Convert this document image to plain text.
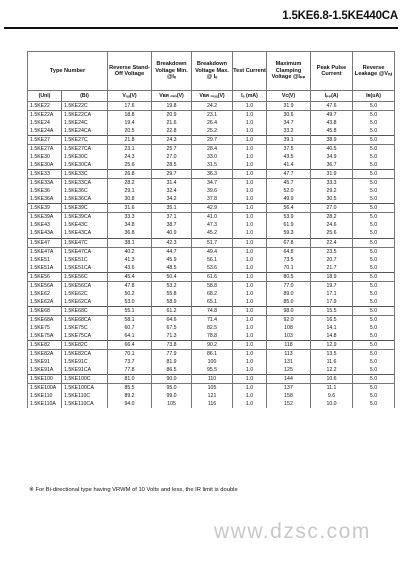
1.5KE6.8-1.5KE440CA
Type Number		Reverse Stand-Off Voltage	Breakdown Voltage Min. @Iₑ	Breakdown Voltage Max. @ Iₑ	Test Current	Maximum Clamping Voltage @Iₚₚ	Peak Pulse Current	Reverse Leakage @Vᵣᵤᵢ
(Uni)	(Bi)	Vᵣᵤᵢ(V)	Vʙʀ ₘᵢₙ(V)	Vʙʀ ₘₐₓ(V)	Iₑ (mA)	Vᴄ(V)	Iₚₚ(A)	Iʀ(uA)
1.5KE22	1.5KE22C	17.6	19.8	24.2	1.0	31.9	47.6	5.0
1.5KE22A	1.5KE22CA	18.8	20.9	23.1	1.0	30.6	49.7	5.0
1.5KE24	1.5KE24C	19.4	21.6	26.4	1.0	34.7	43.8	5.0
1.5KE24A	1.5KE24CA	20.5	22.8	25.2	1.0	33.2	45.8	5.0
1.5KE27	1.5KE27C	21.8	24.3	29.7	1.0	39.1	38.9	5.0
1.5KE27A	1.5KE27CA	23.1	25.7	28.4	1.0	37.5	40.5	5.0
1.5KE30	1.5KE30C	24.3	27.0	33.0	1.0	43.5	34.9	5.0
1.5KE30A	1.5KE30CA	25.6	28.5	31.5	1.0	41.4	36.7	5.0
1.5KE33	1.5KE33C	26.8	29.7	36.3	1.0	47.7	31.9	5.0
1.5KE33A	1.5KE33CA	28.2	31.4	34.7	1.0	45.7	33.3	5.0
1.5KE36	1.5KE36C	29.1	32.4	39.6	1.0	52.0	29.2	5.0
1.5KE36A	1.5KE36CA	30.8	34.2	37.8	1.0	49.9	30.5	5.0
1.5KE39	1.5KE39C	31.6	35.1	42.9	1.0	56.4	27.0	5.0
1.5KE39A	1.5KE39CA	33.3	37.1	41.0	1.0	53.9	28.2	5.0
1.5KE43	1.5KE43C	34.8	38.7	47.3	1.0	61.9	24.6	5.0
1.5KE43A	1.5KE43CA	36.8	40.9	45.2	1.0	59.3	25.6	5.0
1.5KE47	1.5KE47C	38.1	42.3	51.7	1.0	67.8	22.4	5.0
1.5KE47A	1.5KE47CA	40.2	44.7	49.4	1.0	64.8	23.5	5.0
1.5KE51	1.5KE51C	41.3	45.9	56.1	1.0	73.5	20.7	5.0
1.5KE51A	1.5KE51CA	43.6	48.5	53.6	1.0	70.1	21.7	5.0
1.5KE56	1.5KE56C	45.4	50.4	61.6	1.0	80.5	18.9	5.0
1.5KE56A	1.5KE56CA	47.8	53.2	58.8	1.0	77.0	19.7	5.0
1.5KE62	1.5KE62C	50.2	55.8	68.2	1.0	89.0	17.1	5.0
1.5KE62A	1.5KE62CA	53.0	58.9	65.1	1.0	85.0	17.9	5.0
1.5KE68	1.5KE68C	55.1	61.2	74.8	1.0	98.0	15.5	5.0
1.5KE68A	1.5KE68CA	58.1	64.6	71.4	1.0	92.0	16.5	5.0
1.5KE75	1.5KE75C	60.7	67.5	82.5	1.0	108	14.1	5.0
1.5KE75A	1.5KE75CA	64.1	71.3	78.8	1.0	103	14.8	5.0
1.5KE82	1.5KE82C	66.4	73.8	90.2	1.0	118	12.9	5.0
1.5KE82A	1.5KE82CA	70.1	77.9	86.1	1.0	113	13.5	5.0
1.5KE91	1.5KE91C	73.7	81.9	100	1.0	131	11.6	5.0
1.5KE91A	1.5KE91CA	77.8	86.5	95.5	1.0	125	12.2	5.0
1.5KE100	1.5KE100C	81.0	90.0	110	1.0	144	10.6	5.0
1.5KE100A	1.5KE100CA	85.5	95.0	105	1.0	137	11.1	5.0
1.5KE110	1.5KE110C	89.2	99.0	121	1.0	158	9.6	5.0
1.5KE110A	1.5KE110CA	94.0	105	116	1.0	152	10.0	5.0
※ For Bi-directional type having VRWM of 10 Volts and less, the IR limit is double
www.dzsc.com
